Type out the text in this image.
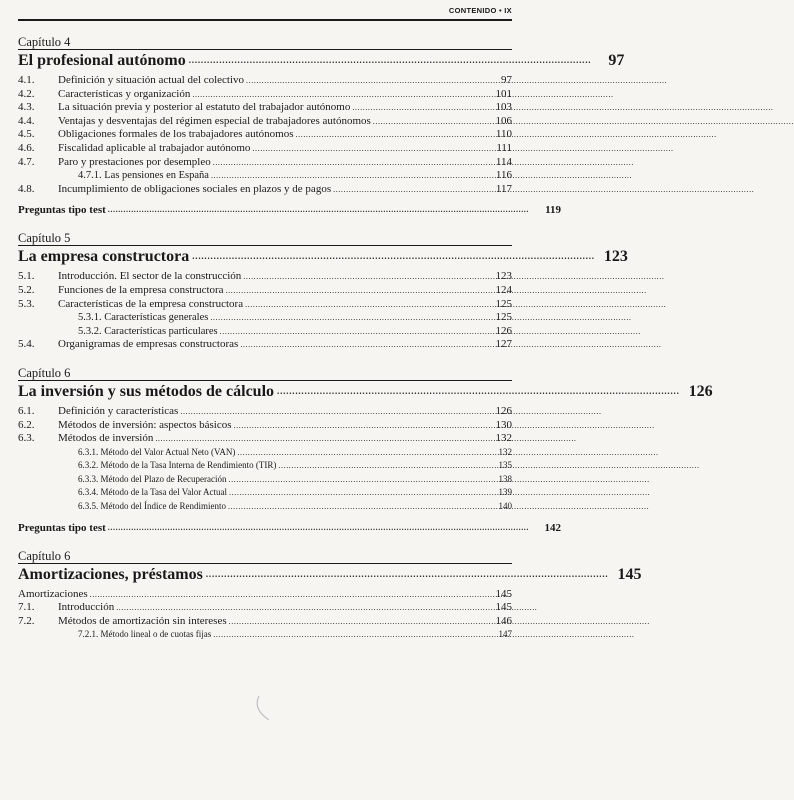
CONTENIDO • IX
Capítulo 4
El profesional autónomo .....	97
4.1.	Definición y situación actual del colectivo .....	97
4.2.	Características y organización .....	101
4.3.	La situación previa y posterior al estatuto del trabajador autónomo .....	103
4.4.	Ventajas y desventajas del régimen especial de trabajadores autónomos .....	106
4.5.	Obligaciones formales de los trabajadores autónomos .....	110
4.6.	Fiscalidad aplicable al trabajador autónomo .....	111
4.7.	Paro y prestaciones por desempleo .....	114
4.7.1. Las pensiones en España .....	116
4.8.	Incumplimiento de obligaciones sociales en plazos y de pagos .....	117
Preguntas tipo test .....	119
Capítulo 5
La empresa constructora .....	123
5.1.	Introducción. El sector de la construcción .....	123
5.2.	Funciones de la empresa constructora .....	124
5.3.	Características de la empresa constructora .....	125
5.3.1. Características generales .....	125
5.3.2. Características particulares .....	126
5.4.	Organigramas de empresas constructoras .....	127
Capítulo 6
La inversión y sus métodos de cálculo .....	126
6.1.	Definición y características .....	126
6.2.	Métodos de inversión: aspectos básicos .....	130
6.3.	Métodos de inversión .....	132
6.3.1. Método del Valor Actual Neto (VAN) .....	132
6.3.2. Método de la Tasa Interna de Rendimiento (TIR) .....	135
6.3.3. Método del Plazo de Recuperación .....	138
6.3.4. Método de la Tasa del Valor Actual .....	139
6.3.5. Método del Índice de Rendimiento .....	140
Preguntas tipo test .....	142
Capítulo 6
Amortizaciones, préstamos .....	145
Amortizaciones .....	145
7.1.	Introducción .....	145
7.2.	Métodos de amortización sin intereses .....	146
7.2.1. Método lineal o de cuotas fijas .....	147
